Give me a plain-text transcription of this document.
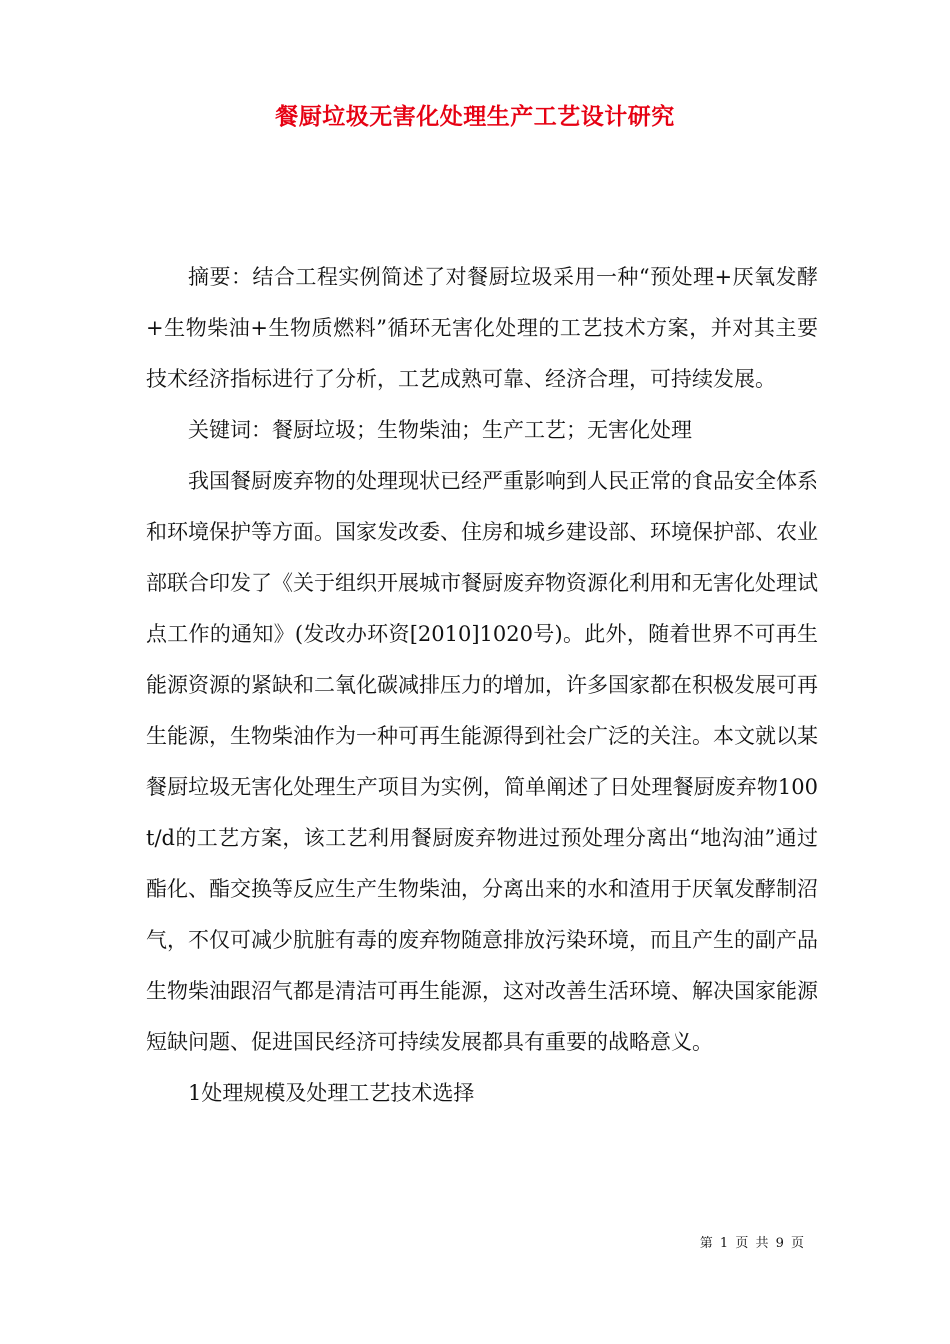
餐厨垃圾无害化处理生产工艺设计研究

摘要：结合工程实例简述了对餐厨垃圾采用一种“预处理+厌氧发酵+生物柴油+生物质燃料”循环无害化处理的工艺技术方案，并对其主要技术经济指标进行了分析，工艺成熟可靠、经济合理，可持续发展。

关键词：餐厨垃圾；生物柴油；生产工艺；无害化处理

我国餐厨废弃物的处理现状已经严重影响到人民正常的食品安全体系和环境保护等方面。国家发改委、住房和城乡建设部、环境保护部、农业部联合印发了《关于组织开展城市餐厨废弃物资源化利用和无害化处理试点工作的通知》(发改办环资[2010]1020号)。此外，随着世界不可再生能源资源的紧缺和二氧化碳减排压力的增加，许多国家都在积极发展可再生能源，生物柴油作为一种可再生能源得到社会广泛的关注。本文就以某餐厨垃圾无害化处理生产项目为实例，简单阐述了日处理餐厨废弃物100t/d的工艺方案，该工艺利用餐厨废弃物进过预处理分离出“地沟油”通过酯化、酯交换等反应生产生物柴油，分离出来的水和渣用于厌氧发酵制沼气，不仅可减少肮脏有毒的废弃物随意排放污染环境，而且产生的副产品生物柴油跟沼气都是清洁可再生能源，这对改善生活环境、解决国家能源短缺问题、促进国民经济可持续发展都具有重要的战略意义。

1处理规模及处理工艺技术选择

第 1 页 共 9 页
